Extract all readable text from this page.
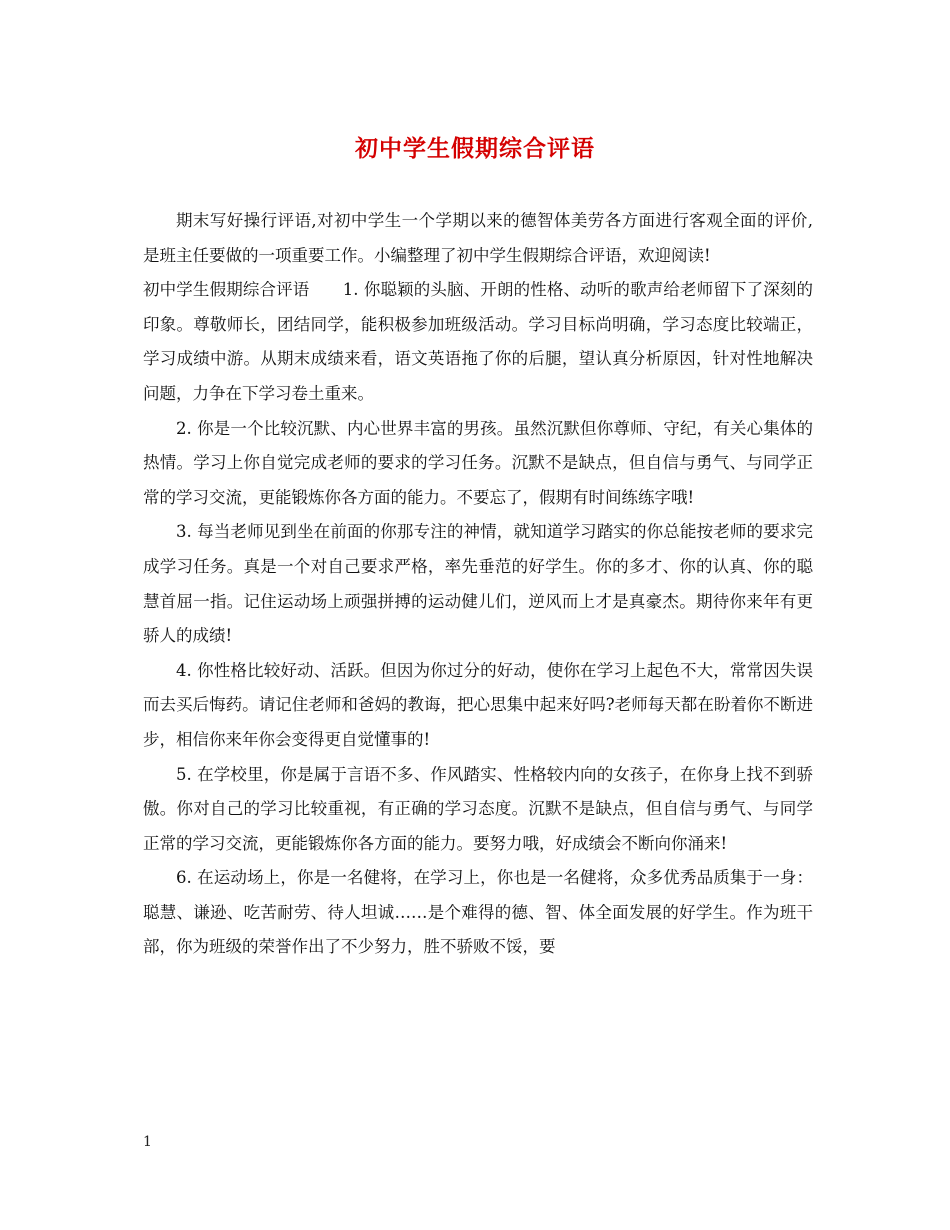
初中学生假期综合评语

期末写好操行评语,对初中学生一个学期以来的德智体美劳各方面进行客观全面的评价,是班主任要做的一项重要工作。小编整理了初中学生假期综合评语，欢迎阅读!

初中学生假期综合评语　　1. 你聪颖的头脑、开朗的性格、动听的歌声给老师留下了深刻的印象。尊敬师长，团结同学，能积极参加班级活动。学习目标尚明确，学习态度比较端正，学习成绩中游。从期末成绩来看，语文英语拖了你的后腿，望认真分析原因，针对性地解决问题，力争在下学习卷土重来。

2. 你是一个比较沉默、内心世界丰富的男孩。虽然沉默但你尊师、守纪，有关心集体的热情。学习上你自觉完成老师的要求的学习任务。沉默不是缺点，但自信与勇气、与同学正常的学习交流，更能锻炼你各方面的能力。不要忘了，假期有时间练练字哦!

3. 每当老师见到坐在前面的你那专注的神情，就知道学习踏实的你总能按老师的要求完成学习任务。真是一个对自己要求严格，率先垂范的好学生。你的多才、你的认真、你的聪慧首屈一指。记住运动场上顽强拼搏的运动健儿们，逆风而上才是真豪杰。期待你来年有更骄人的成绩!

4. 你性格比较好动、活跃。但因为你过分的好动，使你在学习上起色不大，常常因失误而去买后悔药。请记住老师和爸妈的教诲，把心思集中起来好吗?老师每天都在盼着你不断进步，相信你来年你会变得更自觉懂事的!

5. 在学校里，你是属于言语不多、作风踏实、性格较内向的女孩子，在你身上找不到骄傲。你对自己的学习比较重视，有正确的学习态度。沉默不是缺点，但自信与勇气、与同学正常的学习交流，更能锻炼你各方面的能力。要努力哦，好成绩会不断向你涌来!

6. 在运动场上，你是一名健将，在学习上，你也是一名健将，众多优秀品质集于一身：聪慧、谦逊、吃苦耐劳、待人坦诚……是个难得的德、智、体全面发展的好学生。作为班干部，你为班级的荣誉作出了不少努力，胜不骄败不馁，要

1
